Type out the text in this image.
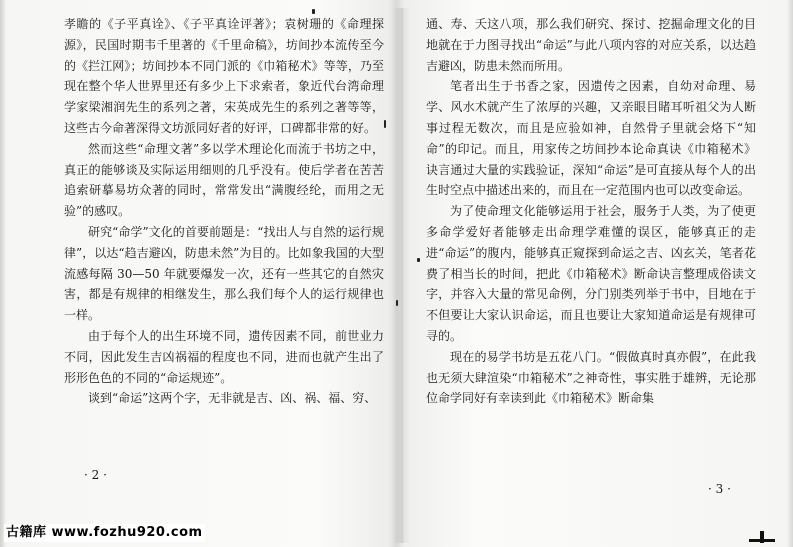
孝瞻的《子平真诠》、《子平真诠评著》；袁树珊的《命理探源》，民国时期韦千里著的《千里命稿》，坊间抄本流传至今的《拦江网》；坊间抄本不同门派的《巾箱秘术》等等，乃至现在整个华人世界里还有多少上下求索者，象近代台湾命理学家梁湘润先生的系列之著，宋英成先生的系列之著等等，这些古今命著深得文坊派同好者的好评，口碑都非常的好。

然而这些“命理文著”多以学术理论化而流于书坊之中，真正的能够谈及实际运用细则的几乎没有。使后学者在苦苦追索研摹易坊众著的同时，常常发出“满腹经纶，而用之无验”的感叹。

研究“命学”文化的首要前题是：“找出人与自然的运行规律”，以达“趋吉避凶，防患未然”为目的。比如象我国的大型流感每隔 30—50 年就要爆发一次，还有一些其它的自然灾害，都是有规律的相继发生，那么我们每个人的运行规律也一样。

由于每个人的出生环境不同，遗传因素不同，前世业力不同，因此发生吉凶祸福的程度也不同，进而也就产生出了形形色色的不同的“命运规迹”。

谈到“命运”这两个字，无非就是吉、凶、祸、福、穷、

· 2 ·

通、寿、夭这八项，那么我们研究、探讨、挖掘命理文化的目地就在于力图寻找出“命运”与此八项内容的对应关系，以达趋吉避凶，防患未然而所用。

笔者出生于书香之家，因遗传之因素，自幼对命理、易学、风水术就产生了浓厚的兴趣，又亲眼目睹耳听祖父为人断事过程无数次，而且是应验如神，自然骨子里就会烙下“知命”的印记。而且，用家传之坊间抄本论命真诀《巾箱秘术》诀言通过大量的实践验证，深知“命运”是可直接从每个人的出生时空点中描述出来的，而且在一定范围内也可以改变命运。

为了使命理文化能够运用于社会，服务于人类，为了使更多命学爱好者能够走出命理学难懂的误区，能够真正的走进“命运”的腹内，能够真正窥探到命运之吉、凶玄关，笔者花费了相当长的时间，把此《巾箱秘术》断命诀言整理成俗读文字，并容入大量的常见命例，分门别类列举于书中，目地在于不但要让大家认识命运，而且也要让大家知道命运是有规律可寻的。

现在的易学书坊是五花八门。“假做真时真亦假”，在此我也无须大肆渲染“巾箱秘术”之神奇性，事实胜于雄辨，无论那位命学同好有幸读到此《巾箱秘术》断命集

· 3 ·
古籍库 www.fozhu920.com
